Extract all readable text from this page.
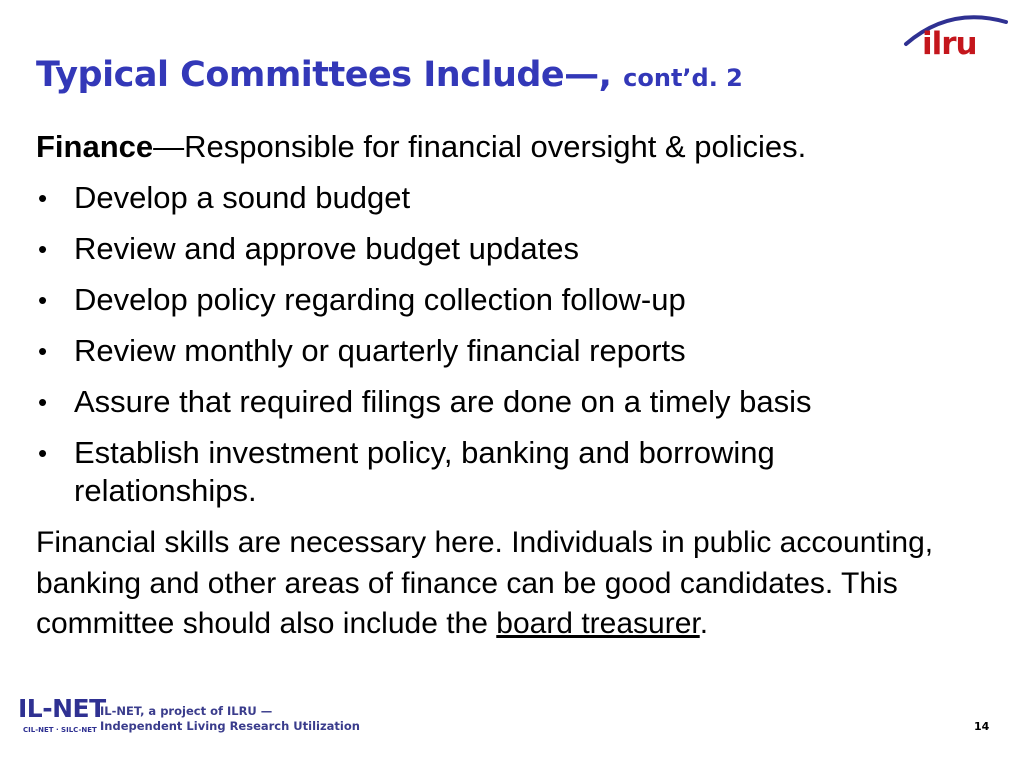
Typical Committees Include—, cont’d. 2
ilru

Finance—Responsible for financial oversight & policies.

• Develop a sound budget
• Review and approve budget updates
• Develop policy regarding collection follow-up
• Review monthly or quarterly financial reports
• Assure that required filings are done on a timely basis
• Establish investment policy, banking and borrowing relationships.

Financial skills are necessary here. Individuals in public accounting, banking and other areas of finance can be good candidates. This committee should also include the board treasurer.

IL-NET
CIL-NET · SILC-NET
IL-NET, a project of ILRU —
Independent Living Research Utilization	14
